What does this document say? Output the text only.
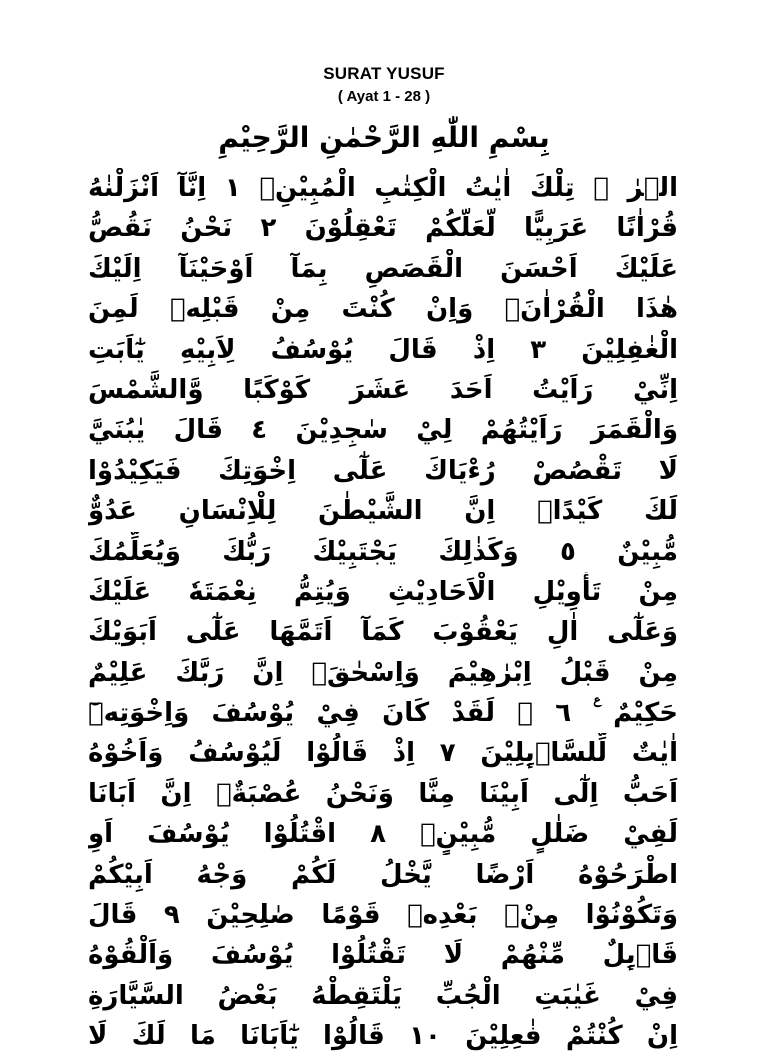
SURAT YUSUF
( Ayat 1 - 28 )
بِسْمِ اللّٰهِ الرَّحْمٰنِ الرَّحِيْمِ
الۤرٰ ۗ تِلْكَ اٰيٰتُ الْكِتٰبِ الْمُبِيْنِۗ ١ اِنَّآ اَنْزَلْنٰهُ
قُرْاٰنًا عَرَبِيًّا لَّعَلَّكُمْ تَعْقِلُوْنَ ٢ نَحْنُ نَقُصُّ
عَلَيْكَ اَحْسَنَ الْقَصَصِ بِمَآ اَوْحَيْنَآ اِلَيْكَ
هٰذَا الْقُرْاٰنَۖ وَاِنْ كُنْتَ مِنْ قَبْلِهٖ لَمِنَ
الْغٰفِلِيْنَ ٣ اِذْ قَالَ يُوْسُفُ لِاَبِيْهِ يٰٓاَبَتِ
اِنِّيْ رَاَيْتُ اَحَدَ عَشَرَ كَوْكَبًا وَّالشَّمْسَ
وَالْقَمَرَ رَاَيْتُهُمْ لِيْ سٰجِدِيْنَ ٤ قَالَ يٰبُنَيَّ
لَا تَقْصُصْ رُءْيَاكَ عَلٰٓى اِخْوَتِكَ فَيَكِيْدُوْا
لَكَ كَيْدًاۗ اِنَّ الشَّيْطٰنَ لِلْاِنْسَانِ عَدُوٌّ
مُّبِيْنٌ ٥ وَكَذٰلِكَ يَجْتَبِيْكَ رَبُّكَ وَيُعَلِّمُكَ
مِنْ تَأْوِيْلِ الْاَحَادِيْثِ وَيُتِمُّ نِعْمَتَهٗ عَلَيْكَ
وَعَلٰٓى اٰلِ يَعْقُوْبَ كَمَآ اَتَمَّهَا عَلٰٓى اَبَوَيْكَ
مِنْ قَبْلُ اِبْرٰهِيْمَ وَاِسْحٰقَۗ اِنَّ رَبَّكَ عَلِيْمٌ
حَكِيْمٌ ࣖ ٦ ۞ لَقَدْ كَانَ فِيْ يُوْسُفَ وَاِخْوَتِهٖٓ
اٰيٰتٌ لِّلسَّاۤىِٕلِيْنَ ٧ اِذْ قَالُوْا لَيُوْسُفُ وَاَخُوْهُ
اَحَبُّ اِلٰٓى اَبِيْنَا مِنَّا وَنَحْنُ عُصْبَةٌۗ اِنَّ اَبَانَا
لَفِيْ ضَلٰلٍ مُّبِيْنٍۙ ٨ اقْتُلُوْا يُوْسُفَ اَوِ
اطْرَحُوْهُ اَرْضًا يَّخْلُ لَكُمْ وَجْهُ اَبِيْكُمْ
وَتَكُوْنُوْا مِنْۢ بَعْدِهٖ قَوْمًا صٰلِحِيْنَ ٩ قَالَ
قَاۤىِٕلٌ مِّنْهُمْ لَا تَقْتُلُوْا يُوْسُفَ وَاَلْقُوْهُ
فِيْ غَيٰبَتِ الْجُبِّ يَلْتَقِطْهُ بَعْضُ السَّيَّارَةِ
اِنْ كُنْتُمْ فٰعِلِيْنَ ١٠ قَالُوْا يٰٓاَبَانَا مَا لَكَ لَا
